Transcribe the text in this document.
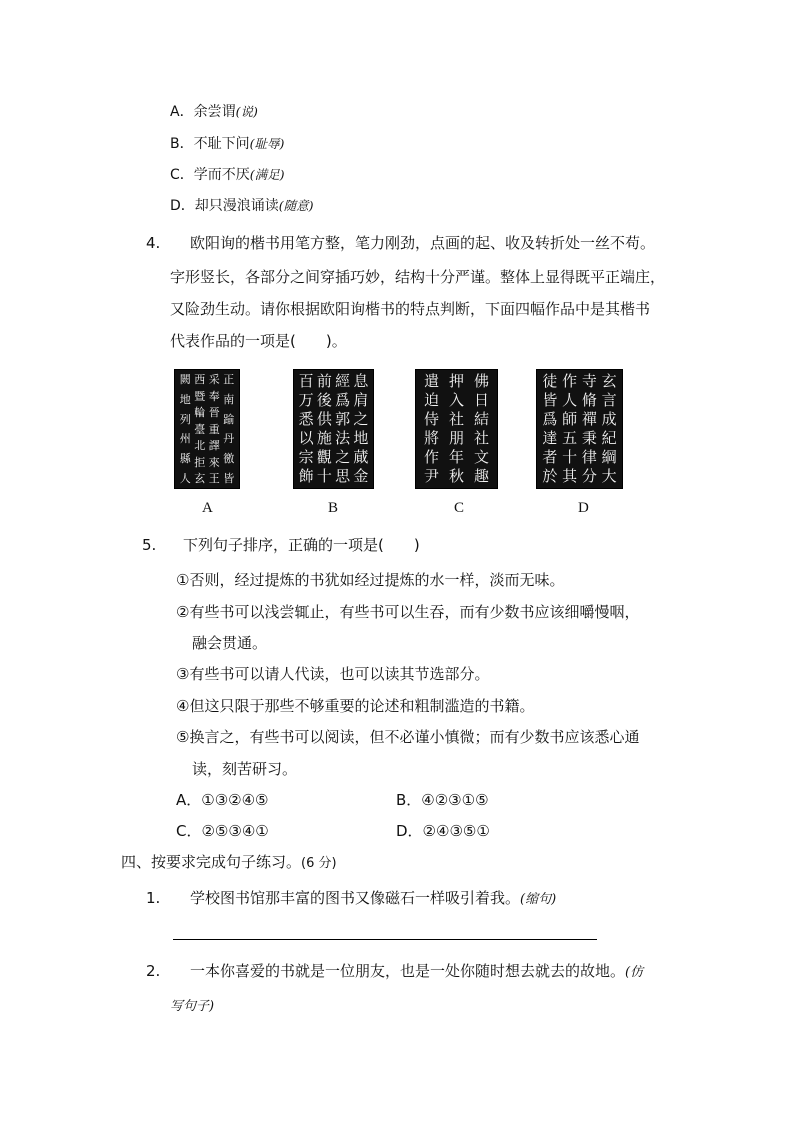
A．余尝谓(说)
B．不耻下问(耻辱)
C．学而不厌(满足)
D．却只漫浪诵读(随意)
4. 欧阳询的楷书用笔方整，笔力刚劲，点画的起、收及转折处一丝不苟。
字形竖长，各部分之间穿插巧妙，结构十分严谨。整体上显得既平正端庄，
又险劲生动。请你根据欧阳询楷书的特点判断，下面四幅作品中是其楷书
代表作品的一项是(　　)。
正
南
踰
丹
徼
皆
采
奉
晉
重
譯
來
王
西
暨
輪
臺
北
拒
玄
闕
地
列
州
縣
人
A
息
肩
之
地
蕆
金
經
爲
郭
法
之
思
前
後
供
施
觀
十
百
万
悉
以
宗
飾
B
佛
日
結
社
文
趣
押
入
社
朋
年
秋
遣
迫
侍
將
作
尹
C
玄
言
成
紀
綱
大
寺
脩
禪
秉
律
分
作
人
師
五
十
其
徒
皆
爲
達
者
於
D
5. 下列句子排序，正确的一项是(　　)
①否则，经过提炼的书犹如经过提炼的水一样，淡而无味。
②有些书可以浅尝辄止，有些书可以生吞，而有少数书应该细嚼慢咽，
融会贯通。
③有些书可以请人代读，也可以读其节选部分。
④但这只限于那些不够重要的论述和粗制滥造的书籍。
⑤换言之，有些书可以阅读，但不必谨小慎微；而有少数书应该悉心通
读，刻苦研习。
A．①③②④⑤	B．④②③①⑤
C．②⑤③④①	D．②④③⑤①
四、按要求完成句子练习。(6 分)
1. 学校图书馆那丰富的图书又像磁石一样吸引着我。(缩句)
2. 一本你喜爱的书就是一位朋友，也是一处你随时想去就去的故地。(仿
写句子)
